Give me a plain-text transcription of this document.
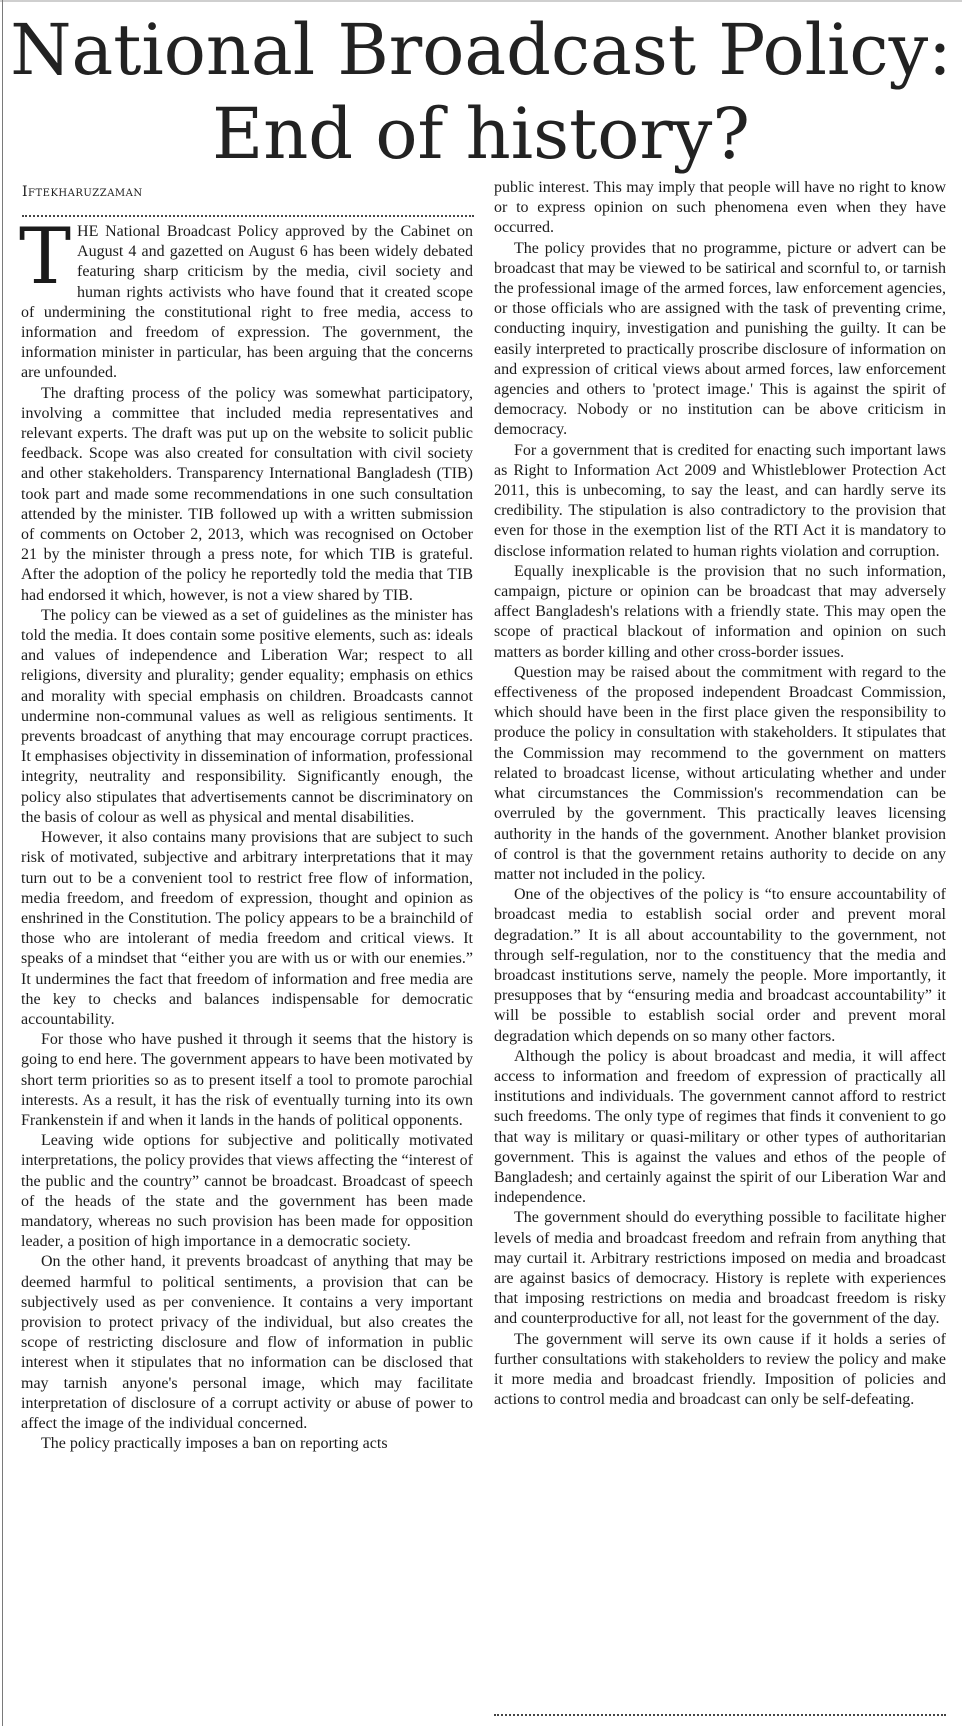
National Broadcast Policy:
End of history?
Iftekharuzzaman

THE National Broadcast Policy approved by the Cabinet on August 4 and gazetted on August 6 has been widely debated featuring sharp criticism by the media, civil society and human rights activists who have found that it created scope of undermining the constitutional right to free media, access to information and freedom of expression. The government, the information minister in particular, has been arguing that the concerns are unfounded.

The drafting process of the policy was somewhat participatory, involving a committee that included media representatives and relevant experts. The draft was put up on the website to solicit public feedback. Scope was also created for consultation with civil society and other stakeholders. Transparency International Bangladesh (TIB) took part and made some recommendations in one such consultation attended by the minister. TIB followed up with a written submission of comments on October 2, 2013, which was recognised on October 21 by the minister through a press note, for which TIB is grateful. After the adoption of the policy he reportedly told the media that TIB had endorsed it which, however, is not a view shared by TIB.

The policy can be viewed as a set of guidelines as the minister has told the media. It does contain some positive elements, such as: ideals and values of independence and Liberation War; respect to all religions, diversity and plurality; gender equality; emphasis on ethics and morality with special emphasis on children. Broadcasts cannot undermine non-communal values as well as religious sentiments. It prevents broadcast of anything that may encourage corrupt practices. It emphasises objectivity in dissemination of information, professional integrity, neutrality and responsibility. Significantly enough, the policy also stipulates that advertisements cannot be discriminatory on the basis of colour as well as physical and mental disabilities.

However, it also contains many provisions that are subject to such risk of motivated, subjective and arbitrary interpretations that it may turn out to be a convenient tool to restrict free flow of information, media freedom, and freedom of expression, thought and opinion as enshrined in the Constitution. The policy appears to be a brainchild of those who are intolerant of media freedom and critical views. It speaks of a mindset that “either you are with us or with our enemies.” It undermines the fact that freedom of information and free media are the key to checks and balances indispensable for democratic accountability.

For those who have pushed it through it seems that the history is going to end here. The government appears to have been motivated by short term priorities so as to present itself a tool to promote parochial interests. As a result, it has the risk of eventually turning into its own Frankenstein if and when it lands in the hands of political opponents.

Leaving wide options for subjective and politically motivated interpretations, the policy provides that views affecting the “interest of the public and the country” cannot be broadcast. Broadcast of speech of the heads of the state and the government has been made mandatory, whereas no such provision has been made for opposition leader, a position of high importance in a democratic society.

On the other hand, it prevents broadcast of anything that may be deemed harmful to political sentiments, a provision that can be subjectively used as per convenience. It contains a very important provision to protect privacy of the individual, but also creates the scope of restricting disclosure and flow of information in public interest when it stipulates that no information can be disclosed that may tarnish anyone's personal image, which may facilitate interpretation of disclosure of a corrupt activity or abuse of power to affect the image of the individual concerned.

The policy practically imposes a ban on reporting acts

public interest. This may imply that people will have no right to know or to express opinion on such phenomena even when they have occurred.

The policy provides that no programme, picture or advert can be broadcast that may be viewed to be satirical and scornful to, or tarnish the professional image of the armed forces, law enforcement agencies, or those officials who are assigned with the task of preventing crime, conducting inquiry, investigation and punishing the guilty. It can be easily interpreted to practically proscribe disclosure of information on and expression of critical views about armed forces, law enforcement agencies and others to 'protect image.' This is against the spirit of democracy. Nobody or no institution can be above criticism in democracy.

For a government that is credited for enacting such important laws as Right to Information Act 2009 and Whistleblower Protection Act 2011, this is unbecoming, to say the least, and can hardly serve its credibility. The stipulation is also contradictory to the provision that even for those in the exemption list of the RTI Act it is mandatory to disclose information related to human rights violation and corruption.

Equally inexplicable is the provision that no such information, campaign, picture or opinion can be broadcast that may adversely affect Bangladesh's relations with a friendly state. This may open the scope of practical blackout of information and opinion on such matters as border killing and other cross-border issues.

Question may be raised about the commitment with regard to the effectiveness of the proposed independent Broadcast Commission, which should have been in the first place given the responsibility to produce the policy in consultation with stakeholders. It stipulates that the Commission may recommend to the government on matters related to broadcast license, without articulating whether and under what circumstances the Commission's recommendation can be overruled by the government. This practically leaves licensing authority in the hands of the government. Another blanket provision of control is that the government retains authority to decide on any matter not included in the policy.

One of the objectives of the policy is “to ensure accountability of broadcast media to establish social order and prevent moral degradation.” It is all about accountability to the government, not through self-regulation, nor to the constituency that the media and broadcast institutions serve, namely the people. More importantly, it presupposes that by “ensuring media and broadcast accountability” it will be possible to establish social order and prevent moral degradation which depends on so many other factors.

Although the policy is about broadcast and media, it will affect access to information and freedom of expression of practically all institutions and individuals. The government cannot afford to restrict such freedoms. The only type of regimes that finds it convenient to go that way is military or quasi-military or other types of authoritarian government. This is against the values and ethos of the people of Bangladesh; and certainly against the spirit of our Liberation War and independence.

The government should do everything possible to facilitate higher levels of media and broadcast freedom and refrain from anything that may curtail it. Arbitrary restrictions imposed on media and broadcast are against basics of democracy. History is replete with experiences that imposing restrictions on media and broadcast freedom is risky and counterproductive for all, not least for the government of the day.

The government will serve its own cause if it holds a series of further consultations with stakeholders to review the policy and make it more media and broadcast friendly. Imposition of policies and actions to control media and broadcast can only be self-defeating.
